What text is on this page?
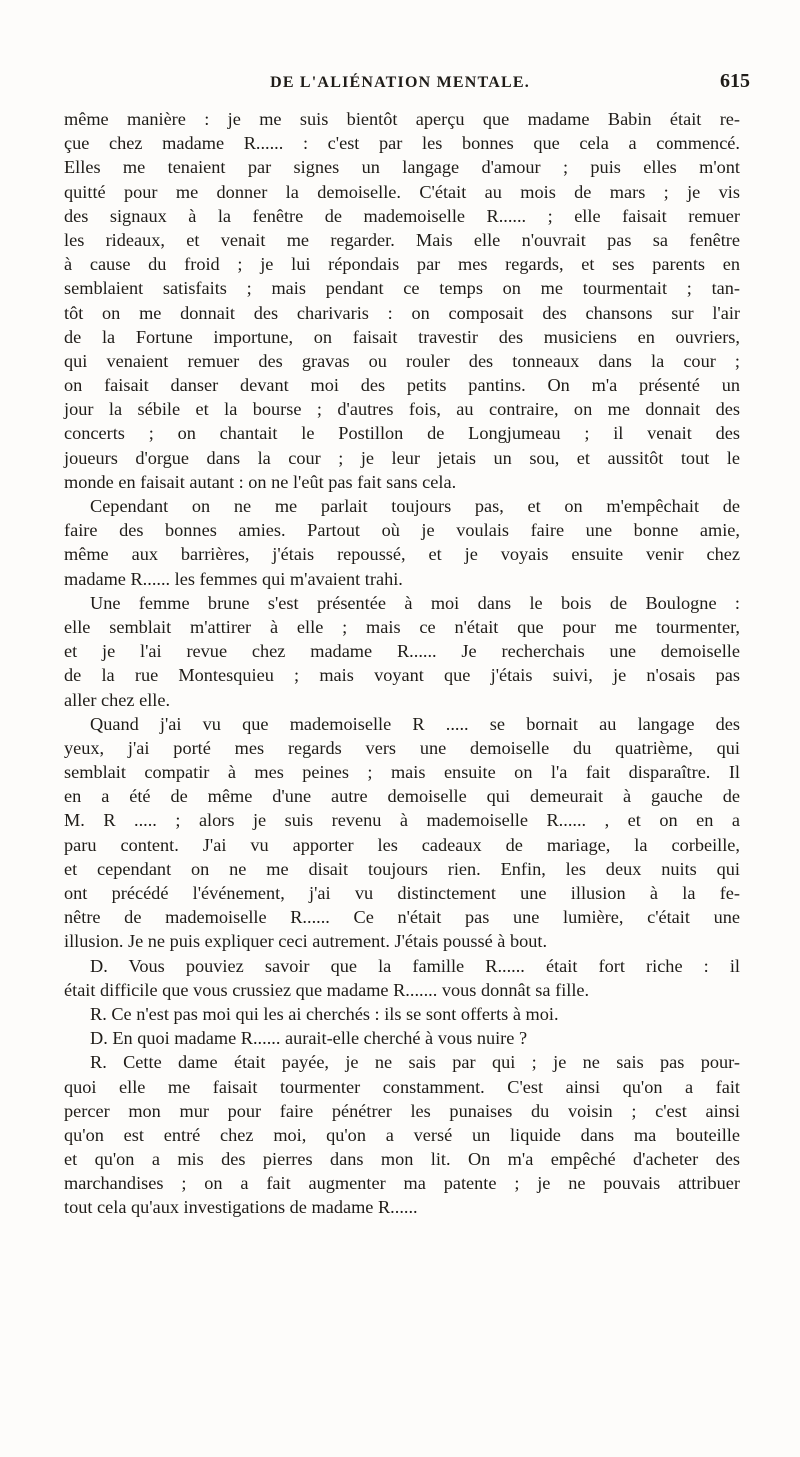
DE L'ALIÉNATION MENTALE.	615
même manière : je me suis bientôt aperçu que madame Babin était re-
çue chez madame R...... : c'est par les bonnes que cela a commencé.
Elles me tenaient par signes un langage d'amour ; puis elles m'ont
quitté pour me donner la demoiselle. C'était au mois de mars ; je vis
des signaux à la fenêtre de mademoiselle R...... ; elle faisait remuer
les rideaux, et venait me regarder. Mais elle n'ouvrait pas sa fenêtre
à cause du froid ; je lui répondais par mes regards, et ses parents en
semblaient satisfaits ; mais pendant ce temps on me tourmentait ; tan-
tôt on me donnait des charivaris : on composait des chansons sur l'air
de la Fortune importune, on faisait travestir des musiciens en ouvriers,
qui venaient remuer des gravas ou rouler des tonneaux dans la cour ;
on faisait danser devant moi des petits pantins. On m'a présenté un
jour la sébile et la bourse ; d'autres fois, au contraire, on me donnait des
concerts ; on chantait le Postillon de Longjumeau ; il venait des
joueurs d'orgue dans la cour ; je leur jetais un sou, et aussitôt tout le
monde en faisait autant : on ne l'eût pas fait sans cela.
Cependant on ne me parlait toujours pas, et on m'empêchait de
faire des bonnes amies. Partout où je voulais faire une bonne amie,
même aux barrières, j'étais repoussé, et je voyais ensuite venir chez
madame R...... les femmes qui m'avaient trahi.
Une femme brune s'est présentée à moi dans le bois de Boulogne :
elle semblait m'attirer à elle ; mais ce n'était que pour me tourmenter,
et je l'ai revue chez madame R...... Je recherchais une demoiselle
de la rue Montesquieu ; mais voyant que j'étais suivi, je n'osais pas
aller chez elle.
Quand j'ai vu que mademoiselle R ..... se bornait au langage des
yeux, j'ai porté mes regards vers une demoiselle du quatrième, qui
semblait compatir à mes peines ; mais ensuite on l'a fait disparaître. Il
en a été de même d'une autre demoiselle qui demeurait à gauche de
M. R ..... ; alors je suis revenu à mademoiselle R...... , et on en a
paru content. J'ai vu apporter les cadeaux de mariage, la corbeille,
et cependant on ne me disait toujours rien. Enfin, les deux nuits qui
ont précédé l'événement, j'ai vu distinctement une illusion à la fe-
nêtre de mademoiselle R...... Ce n'était pas une lumière, c'était une
illusion. Je ne puis expliquer ceci autrement. J'étais poussé à bout.
D. Vous pouviez savoir que la famille R...... était fort riche : il
était difficile que vous crussiez que madame R....... vous donnât sa fille.
R. Ce n'est pas moi qui les ai cherchés : ils se sont offerts à moi.
D. En quoi madame R...... aurait-elle cherché à vous nuire ?
R. Cette dame était payée, je ne sais par qui ; je ne sais pas pour-
quoi elle me faisait tourmenter constamment. C'est ainsi qu'on a fait
percer mon mur pour faire pénétrer les punaises du voisin ; c'est ainsi
qu'on est entré chez moi, qu'on a versé un liquide dans ma bouteille
et qu'on a mis des pierres dans mon lit. On m'a empêché d'acheter des
marchandises ; on a fait augmenter ma patente ; je ne pouvais attribuer
tout cela qu'aux investigations de madame R......
